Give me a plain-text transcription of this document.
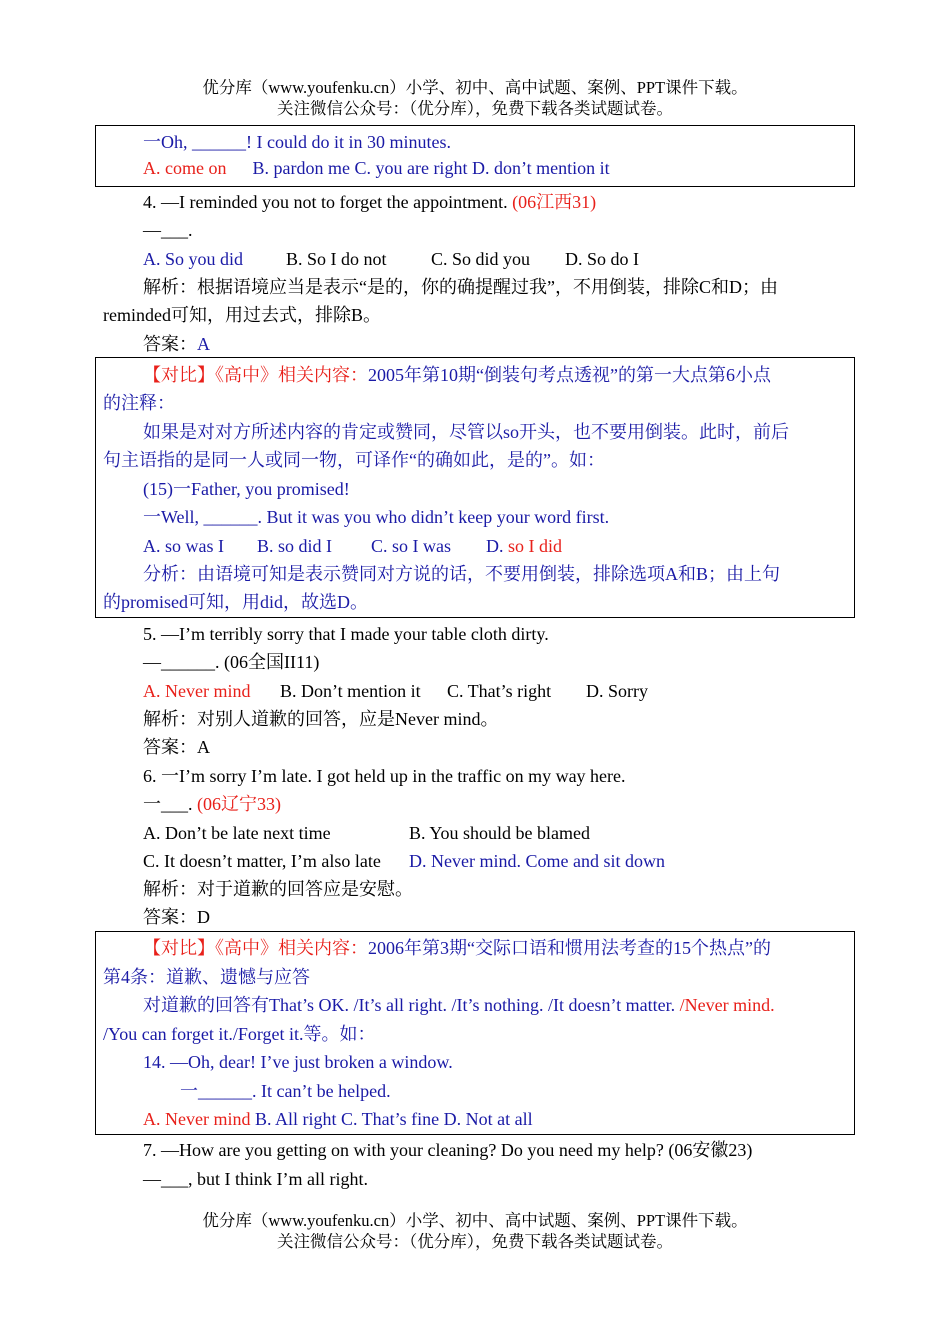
优分库（www.youfenku.cn）小学、初中、高中试题、案例、PPT课件下载。
关注微信公众号：（优分库），免费下载各类试题试卷。
一Oh, ______! I could do it in 30 minutes.
A. come on B. pardon me C. you are right D. don’t mention it
4. —I reminded you not to forget the appointment. (06江西31)
—___.
A. So you did B. So I do not C. So did you D. So do I
解析：根据语境应当是表示“是的，你的确提醒过我”，不用倒装，排除C和D；由
reminded可知，用过去式，排除B。
答案：A
【对比】《高中》相关内容：2005年第10期“倒装句考点透视”的第一大点第6小点
的注释：
如果是对对方所述内容的肯定或赞同，尽管以so开头，也不要用倒装。此时，前后
句主语指的是同一人或同一物，可译作“的确如此，是的”。如：
(15)一Father, you promised!
一Well, ______. But it was you who didn’t keep your word first.
A. so was I B. so did I C. so I was D. so I did
分析：由语境可知是表示赞同对方说的话，不要用倒装，排除选项A和B；由上句
的promised可知，用did，故选D。
5. —I’m terribly sorry that I made your table cloth dirty.
—______. (06全国II11)
A. Never mind B. Don’t mention it C. That’s right D. Sorry
解析：对别人道歉的回答，应是Never mind。
答案：A
6. 一I’m sorry I’m late. I got held up in the traffic on my way here.
一___. (06辽宁33)
A. Don’t be late next time	B. You should be blamed
C. It doesn’t matter, I’m also late D. Never mind. Come and sit down
解析：对于道歉的回答应是安慰。
答案：D
【对比】《高中》相关内容：2006年第3期“交际口语和惯用法考查的15个热点”的
第4条：道歉、遗憾与应答
对道歉的回答有That’s OK. /It’s all right. /It’s nothing. /It doesn’t matter. /Never mind.
/You can forget it./Forget it.等。如：
14. —Oh, dear! I’ve just broken a window.
一______. It can’t be helped.
A. Never mind B. All right C. That’s fine D. Not at all
7. —How are you getting on with your cleaning? Do you need my help? (06安徽23)
—___, but I think I’m all right.
优分库（www.youfenku.cn）小学、初中、高中试题、案例、PPT课件下载。
关注微信公众号：（优分库），免费下载各类试题试卷。
